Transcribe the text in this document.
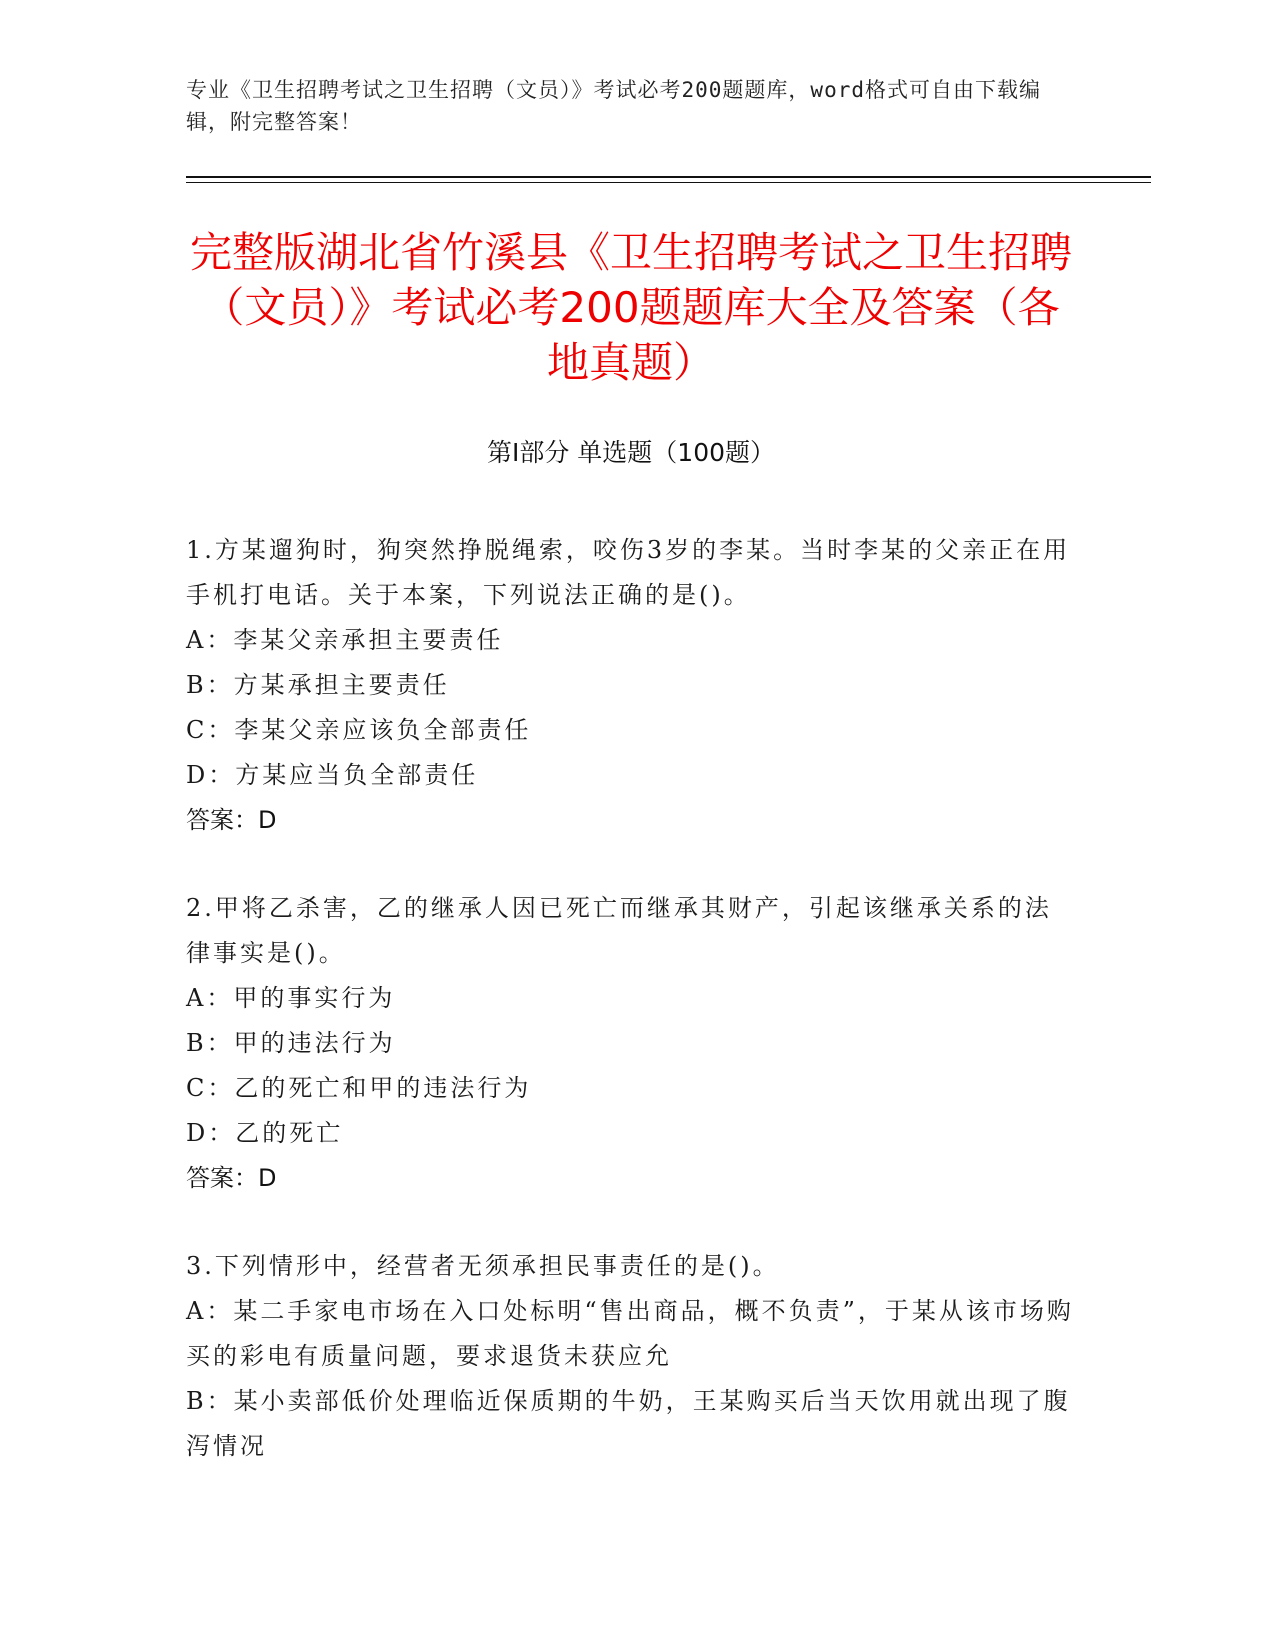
专业《卫生招聘考试之卫生招聘（文员）》考试必考200题题库，word格式可自由下载编辑，附完整答案！

完整版湖北省竹溪县《卫生招聘考试之卫生招聘（文员）》考试必考200题题库大全及答案（各地真题）
第I部分 单选题（100题）

1.方某遛狗时，狗突然挣脱绳索，咬伤3岁的李某。当时李某的父亲正在用手机打电话。关于本案，下列说法正确的是()。

A：李某父亲承担主要责任

B：方某承担主要责任

C：李某父亲应该负全部责任

D：方某应当负全部责任

答案：D

2.甲将乙杀害，乙的继承人因已死亡而继承其财产，引起该继承关系的法律事实是()。

A：甲的事实行为

B：甲的违法行为

C：乙的死亡和甲的违法行为

D：乙的死亡

答案：D

3.下列情形中，经营者无须承担民事责任的是()。

A：某二手家电市场在入口处标明“售出商品，概不负责”，于某从该市场购买的彩电有质量问题，要求退货未获应允

B：某小卖部低价处理临近保质期的牛奶，王某购买后当天饮用就出现了腹泻情况
